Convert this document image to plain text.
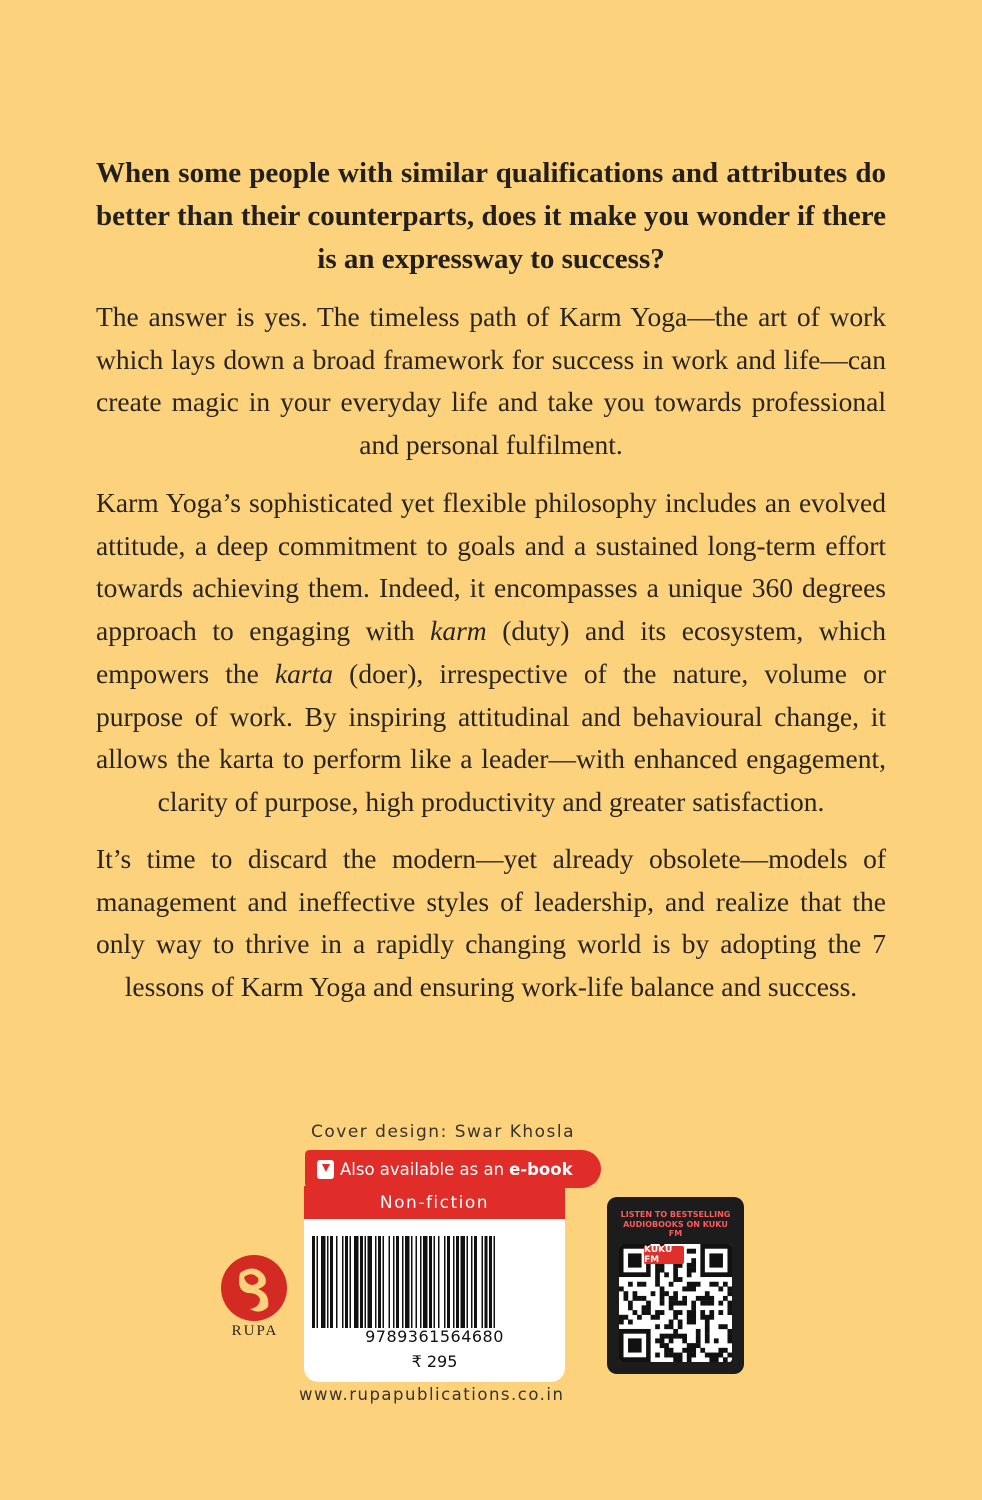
When some people with similar qualifications and attributes do better than their counterparts, does it make you wonder if there is an expressway to success?

The answer is yes. The timeless path of Karm Yoga—the art of work which lays down a broad framework for success in work and life—can create magic in your everyday life and take you towards professional and personal fulfilment.

Karm Yoga’s sophisticated yet flexible philosophy includes an evolved attitude, a deep commitment to goals and a sustained long-term effort towards achieving them. Indeed, it encompasses a unique 360 degrees approach to engaging with karm (duty) and its ecosystem, which empowers the karta (doer), irrespective of the nature, volume or purpose of work. By inspiring attitudinal and behavioural change, it allows the karta to perform like a leader—with enhanced engagement, clarity of purpose, high productivity and greater satisfaction.

It’s time to discard the modern—yet already obsolete—models of management and ineffective styles of leadership, and realize that the only way to thrive in a rapidly changing world is by adopting the 7 lessons of Karm Yoga and ensuring work-life balance and success.

Cover design: Swar Khosla
Also available as an e-book
Non-fiction
9789361564680
₹ 295
www.rupapublications.co.in
RUPA
LISTEN TO BESTSELLING AUDIOBOOKS ON KUKU FM
KUKU FM
